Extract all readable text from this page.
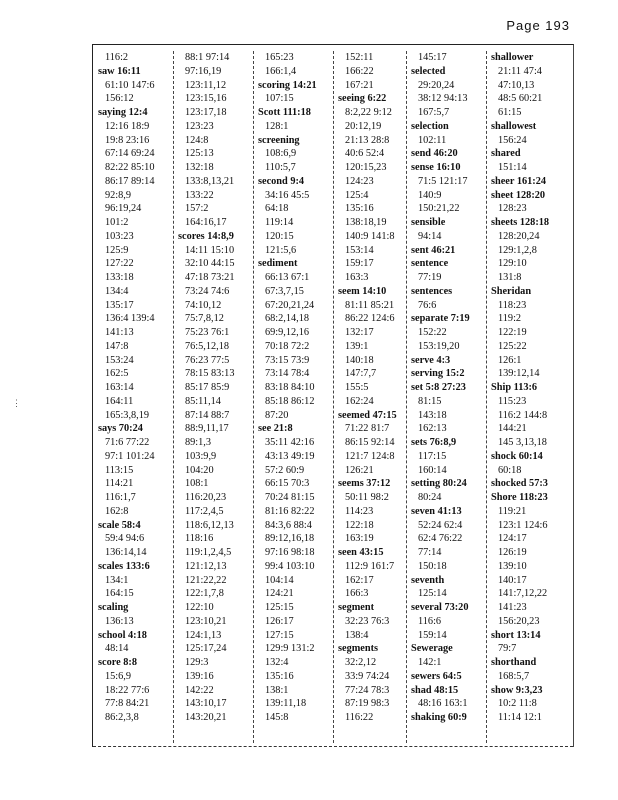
Page 193
116:2
saw 16:11
61:10 147:6
156:12
saying 12:4
12:16 18:9
19:8 23:16
67:14 69:24
82:22 85:10
86:17 89:14
92:8,9
96:19,24
101:2
103:23
125:9
127:22
133:18
134:4
135:17
136:4 139:4
141:13
147:8
153:24
162:5
163:14
164:11
165:3,8,19
says 70:24
71:6 77:22
97:1 101:24
113:15
114:21
116:1,7
162:8
scale 58:4
59:4 94:6
136:14,14
scales 133:6
134:1
164:15
scaling
136:13
school 4:18
48:14
score 8:8
15:6,9
18:22 77:6
77:8 84:21
86:2,3,8
88:1 97:14
97:16,19
123:11,12
123:15,16
123:17,18
123:23
124:8
125:13
132:18
133:8,13,21
133:22
157:2
164:16,17
scores 14:8,9
14:11 15:10
32:10 44:15
47:18 73:21
73:24 74:6
74:10,12
75:7,8,12
75:23 76:1
76:5,12,18
76:23 77:5
78:15 83:13
85:17 85:9
85:11,14
87:14 88:7
88:9,11,17
89:1,3
103:9,9
104:20
108:1
116:20,23
117:2,4,5
118:6,12,13
118:16
119:1,2,4,5
121:12,13
121:22,22
122:1,7,8
122:10
123:10,21
124:1,13
125:17,24
129:3
139:16
142:22
143:10,17
143:20,21
165:23
166:1,4
scoring 14:21
107:15
Scott 111:18
128:1
screening
108:6,9
110:5,7
second 9:4
34:16 45:5
64:18
119:14
120:15
121:5,6
sediment
66:13 67:1
67:3,7,15
67:20,21,24
68:2,14,18
69:9,12,16
70:18 72:2
73:15 73:9
73:14 78:4
83:18 84:10
85:18 86:12
87:20
see 21:8
35:11 42:16
43:13 49:19
57:2 60:9
66:15 70:3
70:24 81:15
81:16 82:22
84:3,6 88:4
89:12,16,18
97:16 98:18
99:4 103:10
104:14
124:21
125:15
126:17
127:15
129:9 131:2
132:4
135:16
138:1
139:11,18
145:8
152:11
166:22
167:21
seeing 6:22
8:2,22 9:12
20:12,19
21:13 28:8
40:6 52:4
120:15,23
124:23
125:4
135:16
138:18,19
140:9 141:8
153:14
159:17
163:3
seem 14:10
81:11 85:21
86:22 124:6
132:17
139:1
140:18
147:7,7
155:5
162:24
seemed 47:15
71:22 81:7
86:15 92:14
121:7 124:8
126:21
seems 37:12
50:11 98:2
114:23
122:18
163:19
seen 43:15
112:9 161:7
162:17
166:3
segment
32:23 76:3
138:4
segments
32:2,12
33:9 74:24
77:24 78:3
87:19 98:3
116:22
145:17
selected
29:20,24
38:12 94:13
167:5,7
selection
102:11
send 46:20
sense 16:10
71:5 121:17
140:9
150:21,22
sensible
94:14
sent 46:21
sentence
77:19
sentences
76:6
separate 7:19
152:22
153:19,20
serve 4:3
serving 15:2
set 5:8 27:23
81:15
143:18
162:13
sets 76:8,9
117:15
160:14
setting 80:24
80:24
seven 41:13
52:24 62:4
62:4 76:22
77:14
150:18
seventh
125:14
several 73:20
116:6
159:14
Sewerage
142:1
sewers 64:5
shad 48:15
48:16 163:1
shaking 60:9
shallower
21:11 47:4
47:10,13
48:5 60:21
61:15
shallowest
156:24
shared
151:14
sheer 161:24
sheet 128:20
128:23
sheets 128:18
128:20,24
129:1,2,8
129:10
131:8
Sheridan
118:23
119:2
122:19
125:22
126:1
139:12,14
Ship 113:6
115:23
116:2 144:8
144:21
145 3,13,18
shock 60:14
60:18
shocked 57:3
Shore 118:23
119:21
123:1 124:6
124:17
126:19
139:10
140:17
141:7,12,22
141:23
156:20,23
short 13:14
79:7
shorthand
168:5,7
show 9:3,23
10:2 11:8
11:14 12:1
⋮
